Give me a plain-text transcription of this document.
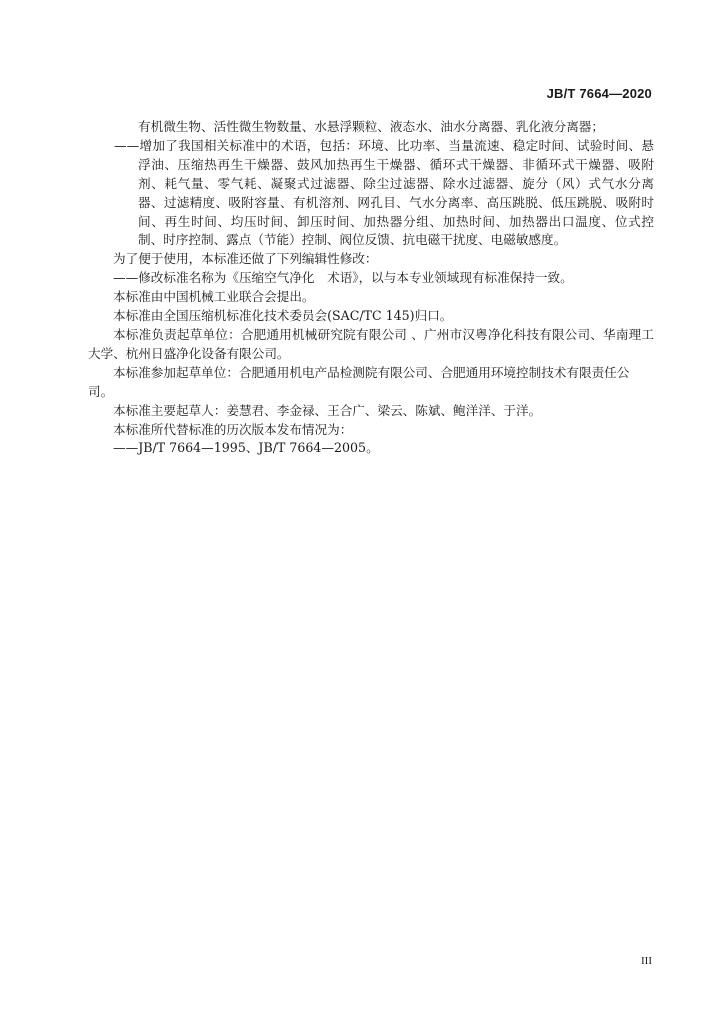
JB/T 7664—2020

有机微生物、活性微生物数量、水悬浮颗粒、液态水、油水分离器、乳化液分离器；

——增加了我国相关标准中的术语，包括：环境、比功率、当量流速、稳定时间、试验时间、悬浮油、压缩热再生干燥器、鼓风加热再生干燥器、循环式干燥器、非循环式干燥器、吸附剂、耗气量、零气耗、凝聚式过滤器、除尘过滤器、除水过滤器、旋分（风）式气水分离器、过滤精度、吸附容量、有机溶剂、网孔目、气水分离率、高压跳脱、低压跳脱、吸附时间、再生时间、均压时间、卸压时间、加热器分组、加热时间、加热器出口温度、位式控制、时序控制、露点（节能）控制、阀位反馈、抗电磁干扰度、电磁敏感度。

为了便于使用，本标准还做了下列编辑性修改：

——修改标准名称为《压缩空气净化　术语》，以与本专业领域现有标准保持一致。

本标准由中国机械工业联合会提出。

本标准由全国压缩机标准化技术委员会(SAC/TC 145)归口。

本标准负责起草单位：合肥通用机械研究院有限公司 、广州市汉粤净化科技有限公司、华南理工大学、杭州日盛净化设备有限公司。

本标准参加起草单位：合肥通用机电产品检测院有限公司、合肥通用环境控制技术有限责任公司。

本标准主要起草人：姜慧君、李金禄、王合广、梁云、陈斌、鲍洋洋、于洋。

本标准所代替标准的历次版本发布情况为：

——JB/T 7664—1995、JB/T 7664—2005。

III
